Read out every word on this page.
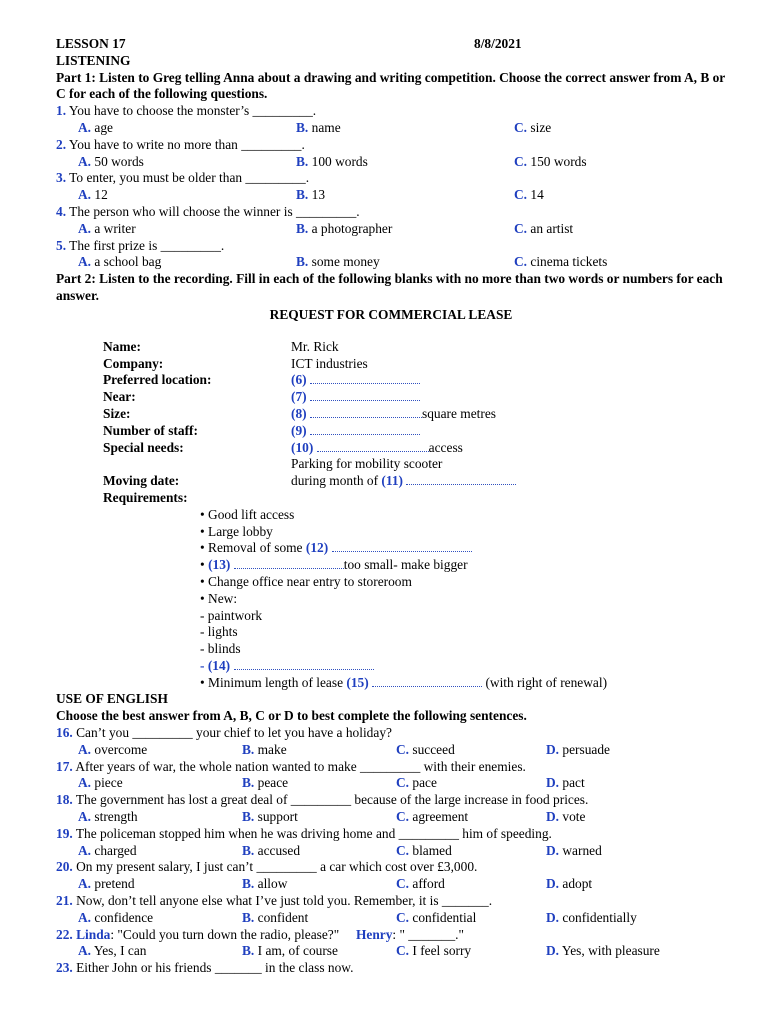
LESSON 17	8/8/2021
LISTENING
Part 1: Listen to Greg telling Anna about a drawing and writing competition. Choose the correct answer from A, B or C for each of the following questions.
1. You have to choose the monster’s _________.
A. age	B. name	C. size
2. You have to write no more than _________.
A. 50 words	B. 100 words	C. 150 words
3. To enter, you must be older than _________.
A. 12	B. 13	C. 14
4. The person who will choose the winner is _________.
A. a writer	B. a photographer	C. an artist
5. The first prize is _________.
A. a school bag	B. some money	C. cinema tickets
Part 2: Listen to the recording. Fill in each of the following blanks with no more than two words or numbers for each answer.
REQUEST FOR COMMERCIAL LEASE
Name:	Mr. Rick
Company:	ICT industries
Preferred location:	(6)
Near:	(7)
Size:	(8)	square metres
Number of staff:	(9)
Special needs:	(10)	access
Parking for mobility scooter
Moving date:	during month of (11)
Requirements:
• Good lift access
• Large lobby
• Removal of some (12)
• (13)	too small- make bigger
• Change office near entry to storeroom
• New:
- paintwork
- lights
- blinds
- (14)
• Minimum length of lease (15)	(with right of renewal)
USE OF ENGLISH
Choose the best answer from A, B, C or D to best complete the following sentences.
16. Can’t you _________ your chief to let you have a holiday?
A. overcome	B. make	C. succeed	D. persuade
17. After years of war, the whole nation wanted to make _________ with their enemies.
A. piece	B. peace	C. pace	D. pact
18. The government has lost a great deal of _________ because of the large increase in food prices.
A. strength	B. support	C. agreement	D. vote
19. The policeman stopped him when he was driving home and _________ him of speeding.
A. charged	B. accused	C. blamed	D. warned
20. On my present salary, I just can’t _________ a car which cost over £3,000.
A. pretend	B. allow	C. afford	D. adopt
21. Now, don’t tell anyone else what I’ve just told you. Remember, it is _______.
A. confidence	B. confident	C. confidential	D. confidentially
22. Linda: "Could you turn down the radio, please?" Henry: " _______."
A. Yes, I can	B. I am, of course	C. I feel sorry	D. Yes, with pleasure
23. Either John or his friends _______ in the class now.
